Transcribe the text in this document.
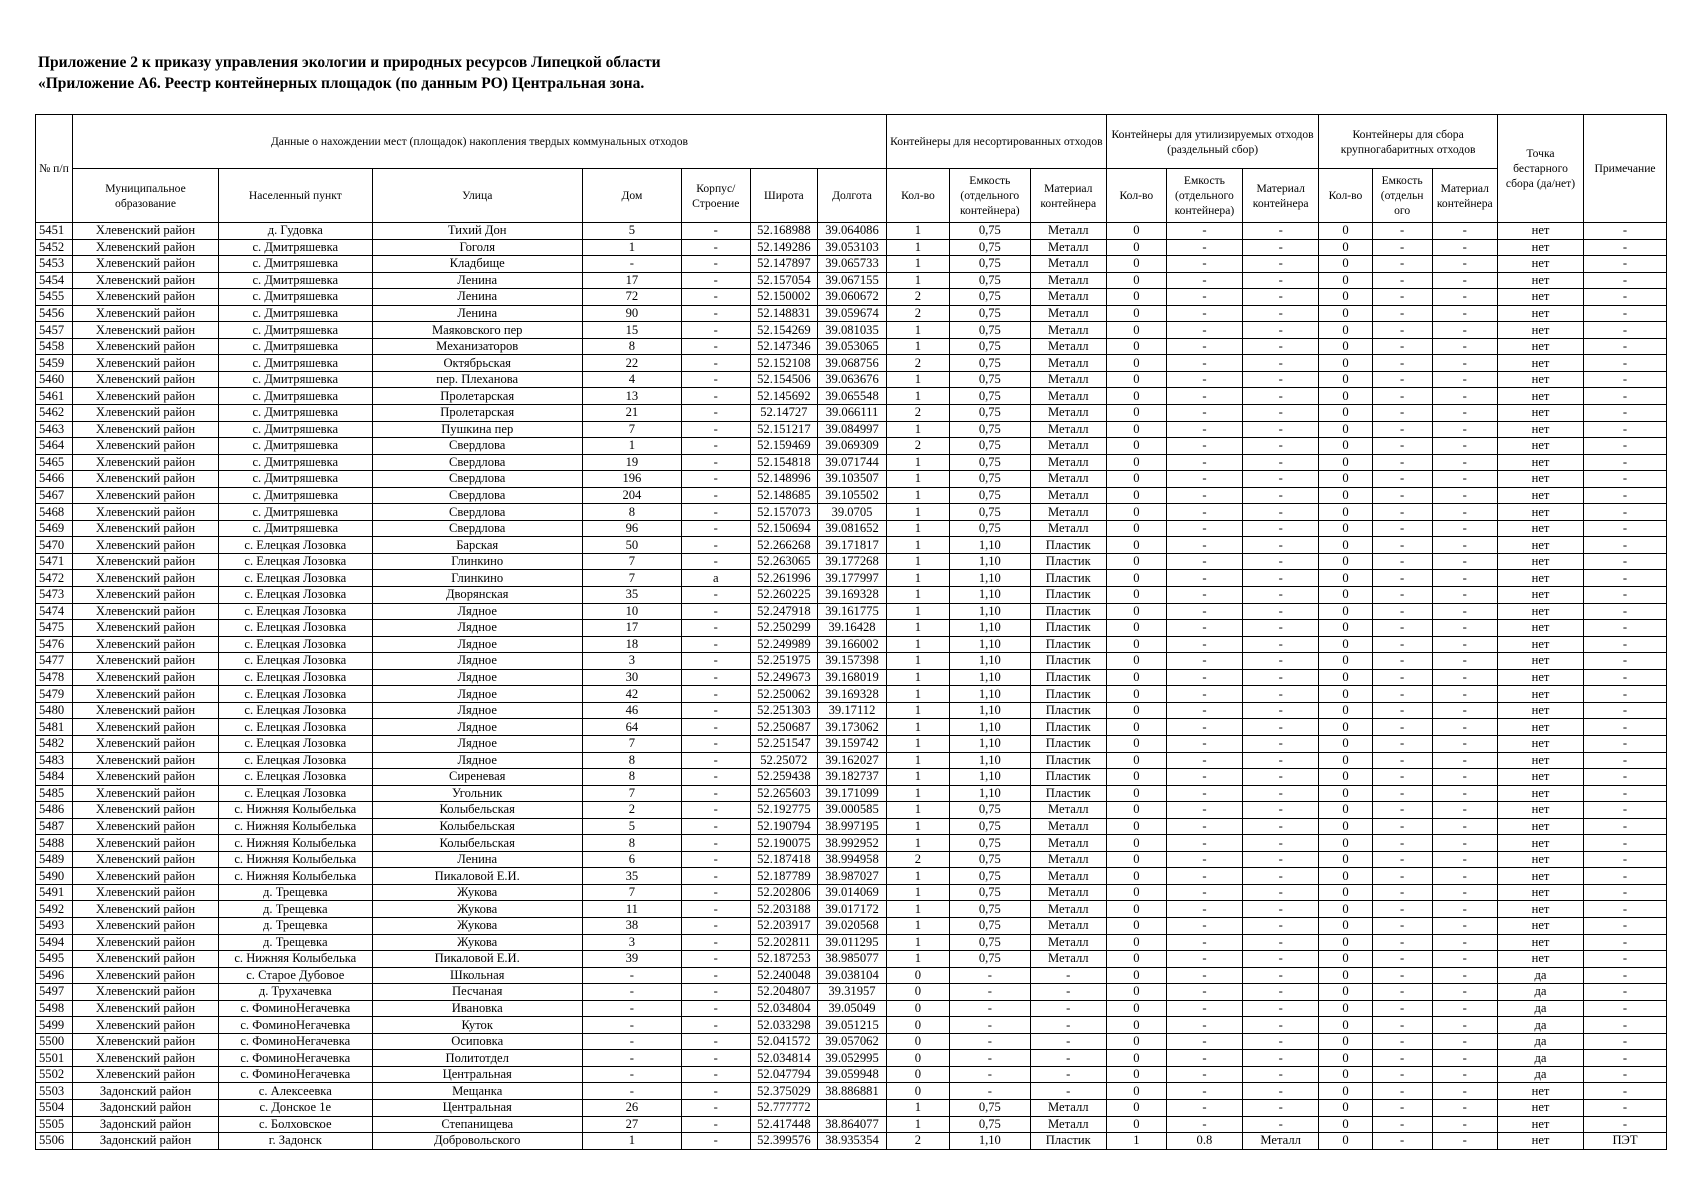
Приложение 2 к приказу управления экологии и природных ресурсов Липецкой области
«Приложение А6. Реестр контейнерных площадок (по данным РО) Центральная зона.
№ п/п	Данные о нахождении мест (площадок) накопления твердых коммунальных отходов							Контейнеры для несортированных отходов			Контейнеры для утилизируемых отходов (раздельный сбор)			Контейнеры для сбора крупногабаритных отходов			Точка бестарного сбора (да/нет)	Примечание
	Муниципальное образование	Населенный пункт	Улица	Дом	Корпус/ Строение	Широта	Долгота	Кол-во	Емкость (отдельного контейнера)	Материал контейнера	Кол-во	Емкость (отдельного контейнера)	Материал контейнера	Кол-во	Емкость (отдельн ого	Материал контейнера		
5451	Хлевенский район	д. Гудовка	Тихий Дон	5	-	52.168988	39.064086	1	0,75	Металл	0	-	-	0	-	-	нет	-
5452	Хлевенский район	с. Дмитряшевка	Гоголя	1	-	52.149286	39.053103	1	0,75	Металл	0	-	-	0	-	-	нет	-
5453	Хлевенский район	с. Дмитряшевка	Кладбище	-	-	52.147897	39.065733	1	0,75	Металл	0	-	-	0	-	-	нет	-
5454	Хлевенский район	с. Дмитряшевка	Ленина	17	-	52.157054	39.067155	1	0,75	Металл	0	-	-	0	-	-	нет	-
5455	Хлевенский район	с. Дмитряшевка	Ленина	72	-	52.150002	39.060672	2	0,75	Металл	0	-	-	0	-	-	нет	-
5456	Хлевенский район	с. Дмитряшевка	Ленина	90	-	52.148831	39.059674	2	0,75	Металл	0	-	-	0	-	-	нет	-
5457	Хлевенский район	с. Дмитряшевка	Маяковского пер	15	-	52.154269	39.081035	1	0,75	Металл	0	-	-	0	-	-	нет	-
5458	Хлевенский район	с. Дмитряшевка	Механизаторов	8	-	52.147346	39.053065	1	0,75	Металл	0	-	-	0	-	-	нет	-
5459	Хлевенский район	с. Дмитряшевка	Октябрьская	22	-	52.152108	39.068756	2	0,75	Металл	0	-	-	0	-	-	нет	-
5460	Хлевенский район	с. Дмитряшевка	пер. Плеханова	4	-	52.154506	39.063676	1	0,75	Металл	0	-	-	0	-	-	нет	-
5461	Хлевенский район	с. Дмитряшевка	Пролетарская	13	-	52.145692	39.065548	1	0,75	Металл	0	-	-	0	-	-	нет	-
5462	Хлевенский район	с. Дмитряшевка	Пролетарская	21	-	52.14727	39.066111	2	0,75	Металл	0	-	-	0	-	-	нет	-
5463	Хлевенский район	с. Дмитряшевка	Пушкина пер	7	-	52.151217	39.084997	1	0,75	Металл	0	-	-	0	-	-	нет	-
5464	Хлевенский район	с. Дмитряшевка	Свердлова	1	-	52.159469	39.069309	2	0,75	Металл	0	-	-	0	-	-	нет	-
5465	Хлевенский район	с. Дмитряшевка	Свердлова	19	-	52.154818	39.071744	1	0,75	Металл	0	-	-	0	-	-	нет	-
5466	Хлевенский район	с. Дмитряшевка	Свердлова	196	-	52.148996	39.103507	1	0,75	Металл	0	-	-	0	-	-	нет	-
5467	Хлевенский район	с. Дмитряшевка	Свердлова	204	-	52.148685	39.105502	1	0,75	Металл	0	-	-	0	-	-	нет	-
5468	Хлевенский район	с. Дмитряшевка	Свердлова	8	-	52.157073	39.0705	1	0,75	Металл	0	-	-	0	-	-	нет	-
5469	Хлевенский район	с. Дмитряшевка	Свердлова	96	-	52.150694	39.081652	1	0,75	Металл	0	-	-	0	-	-	нет	-
5470	Хлевенский район	с. Елецкая Лозовка	Барская	50	-	52.266268	39.171817	1	1,10	Пластик	0	-	-	0	-	-	нет	-
5471	Хлевенский район	с. Елецкая Лозовка	Глинкино	7	-	52.263065	39.177268	1	1,10	Пластик	0	-	-	0	-	-	нет	-
5472	Хлевенский район	с. Елецкая Лозовка	Глинкино	7	а	52.261996	39.177997	1	1,10	Пластик	0	-	-	0	-	-	нет	-
5473	Хлевенский район	с. Елецкая Лозовка	Дворянская	35	-	52.260225	39.169328	1	1,10	Пластик	0	-	-	0	-	-	нет	-
5474	Хлевенский район	с. Елецкая Лозовка	Лядное	10	-	52.247918	39.161775	1	1,10	Пластик	0	-	-	0	-	-	нет	-
5475	Хлевенский район	с. Елецкая Лозовка	Лядное	17	-	52.250299	39.16428	1	1,10	Пластик	0	-	-	0	-	-	нет	-
5476	Хлевенский район	с. Елецкая Лозовка	Лядное	18	-	52.249989	39.166002	1	1,10	Пластик	0	-	-	0	-	-	нет	-
5477	Хлевенский район	с. Елецкая Лозовка	Лядное	3	-	52.251975	39.157398	1	1,10	Пластик	0	-	-	0	-	-	нет	-
5478	Хлевенский район	с. Елецкая Лозовка	Лядное	30	-	52.249673	39.168019	1	1,10	Пластик	0	-	-	0	-	-	нет	-
5479	Хлевенский район	с. Елецкая Лозовка	Лядное	42	-	52.250062	39.169328	1	1,10	Пластик	0	-	-	0	-	-	нет	-
5480	Хлевенский район	с. Елецкая Лозовка	Лядное	46	-	52.251303	39.17112	1	1,10	Пластик	0	-	-	0	-	-	нет	-
5481	Хлевенский район	с. Елецкая Лозовка	Лядное	64	-	52.250687	39.173062	1	1,10	Пластик	0	-	-	0	-	-	нет	-
5482	Хлевенский район	с. Елецкая Лозовка	Лядное	7	-	52.251547	39.159742	1	1,10	Пластик	0	-	-	0	-	-	нет	-
5483	Хлевенский район	с. Елецкая Лозовка	Лядное	8	-	52.25072	39.162027	1	1,10	Пластик	0	-	-	0	-	-	нет	-
5484	Хлевенский район	с. Елецкая Лозовка	Сиреневая	8	-	52.259438	39.182737	1	1,10	Пластик	0	-	-	0	-	-	нет	-
5485	Хлевенский район	с. Елецкая Лозовка	Угольник	7	-	52.265603	39.171099	1	1,10	Пластик	0	-	-	0	-	-	нет	-
5486	Хлевенский район	с. Нижняя Колыбелька	Колыбельская	2	-	52.192775	39.000585	1	0,75	Металл	0	-	-	0	-	-	нет	-
5487	Хлевенский район	с. Нижняя Колыбелька	Колыбельская	5	-	52.190794	38.997195	1	0,75	Металл	0	-	-	0	-	-	нет	-
5488	Хлевенский район	с. Нижняя Колыбелька	Колыбельская	8	-	52.190075	38.992952	1	0,75	Металл	0	-	-	0	-	-	нет	-
5489	Хлевенский район	с. Нижняя Колыбелька	Ленина	6	-	52.187418	38.994958	2	0,75	Металл	0	-	-	0	-	-	нет	-
5490	Хлевенский район	с. Нижняя Колыбелька	Пикаловой Е.И.	35	-	52.187789	38.987027	1	0,75	Металл	0	-	-	0	-	-	нет	-
5491	Хлевенский район	д. Трещевка	Жукова	7	-	52.202806	39.014069	1	0,75	Металл	0	-	-	0	-	-	нет	-
5492	Хлевенский район	д. Трещевка	Жукова	11	-	52.203188	39.017172	1	0,75	Металл	0	-	-	0	-	-	нет	-
5493	Хлевенский район	д. Трещевка	Жукова	38	-	52.203917	39.020568	1	0,75	Металл	0	-	-	0	-	-	нет	-
5494	Хлевенский район	д. Трещевка	Жукова	3	-	52.202811	39.011295	1	0,75	Металл	0	-	-	0	-	-	нет	-
5495	Хлевенский район	с. Нижняя Колыбелька	Пикаловой Е.И.	39	-	52.187253	38.985077	1	0,75	Металл	0	-	-	0	-	-	нет	-
5496	Хлевенский район	с. Старое Дубовое	Школьная	-	-	52.240048	39.038104	0	-	-	0	-	-	0	-	-	да	-
5497	Хлевенский район	д. Трухачевка	Песчаная	-	-	52.204807	39.31957	0	-	-	0	-	-	0	-	-	да	-
5498	Хлевенский район	с. ФоминоНегачевка	Ивановка	-	-	52.034804	39.05049	0	-	-	0	-	-	0	-	-	да	-
5499	Хлевенский район	с. ФоминоНегачевка	Куток	-	-	52.033298	39.051215	0	-	-	0	-	-	0	-	-	да	-
5500	Хлевенский район	с. ФоминоНегачевка	Осиповка	-	-	52.041572	39.057062	0	-	-	0	-	-	0	-	-	да	-
5501	Хлевенский район	с. ФоминоНегачевка	Политотдел	-	-	52.034814	39.052995	0	-	-	0	-	-	0	-	-	да	-
5502	Хлевенский район	с. ФоминоНегачевка	Центральная	-	-	52.047794	39.059948	0	-	-	0	-	-	0	-	-	да	-
5503	Задонский район	с. Алексеевка	Мещанка	-	-	52.375029	38.886881	0	-	-	0	-	-	0	-	-	нет	-
5504	Задонский район	с. Донское 1е	Центральная	26	-	52.777772		1	0,75	Металл	0	-	-	0	-	-	нет	-
5505	Задонский район	с. Болховское	Степанищева	27	-	52.417448	38.864077	1	0,75	Металл	0	-	-	0	-	-	нет	-
5506	Задонский район	г. Задонск	Добровольского	1	-	52.399576	38.935354	2	1,10	Пластик	1	0.8	Металл	0	-	-	нет	ПЭТ
